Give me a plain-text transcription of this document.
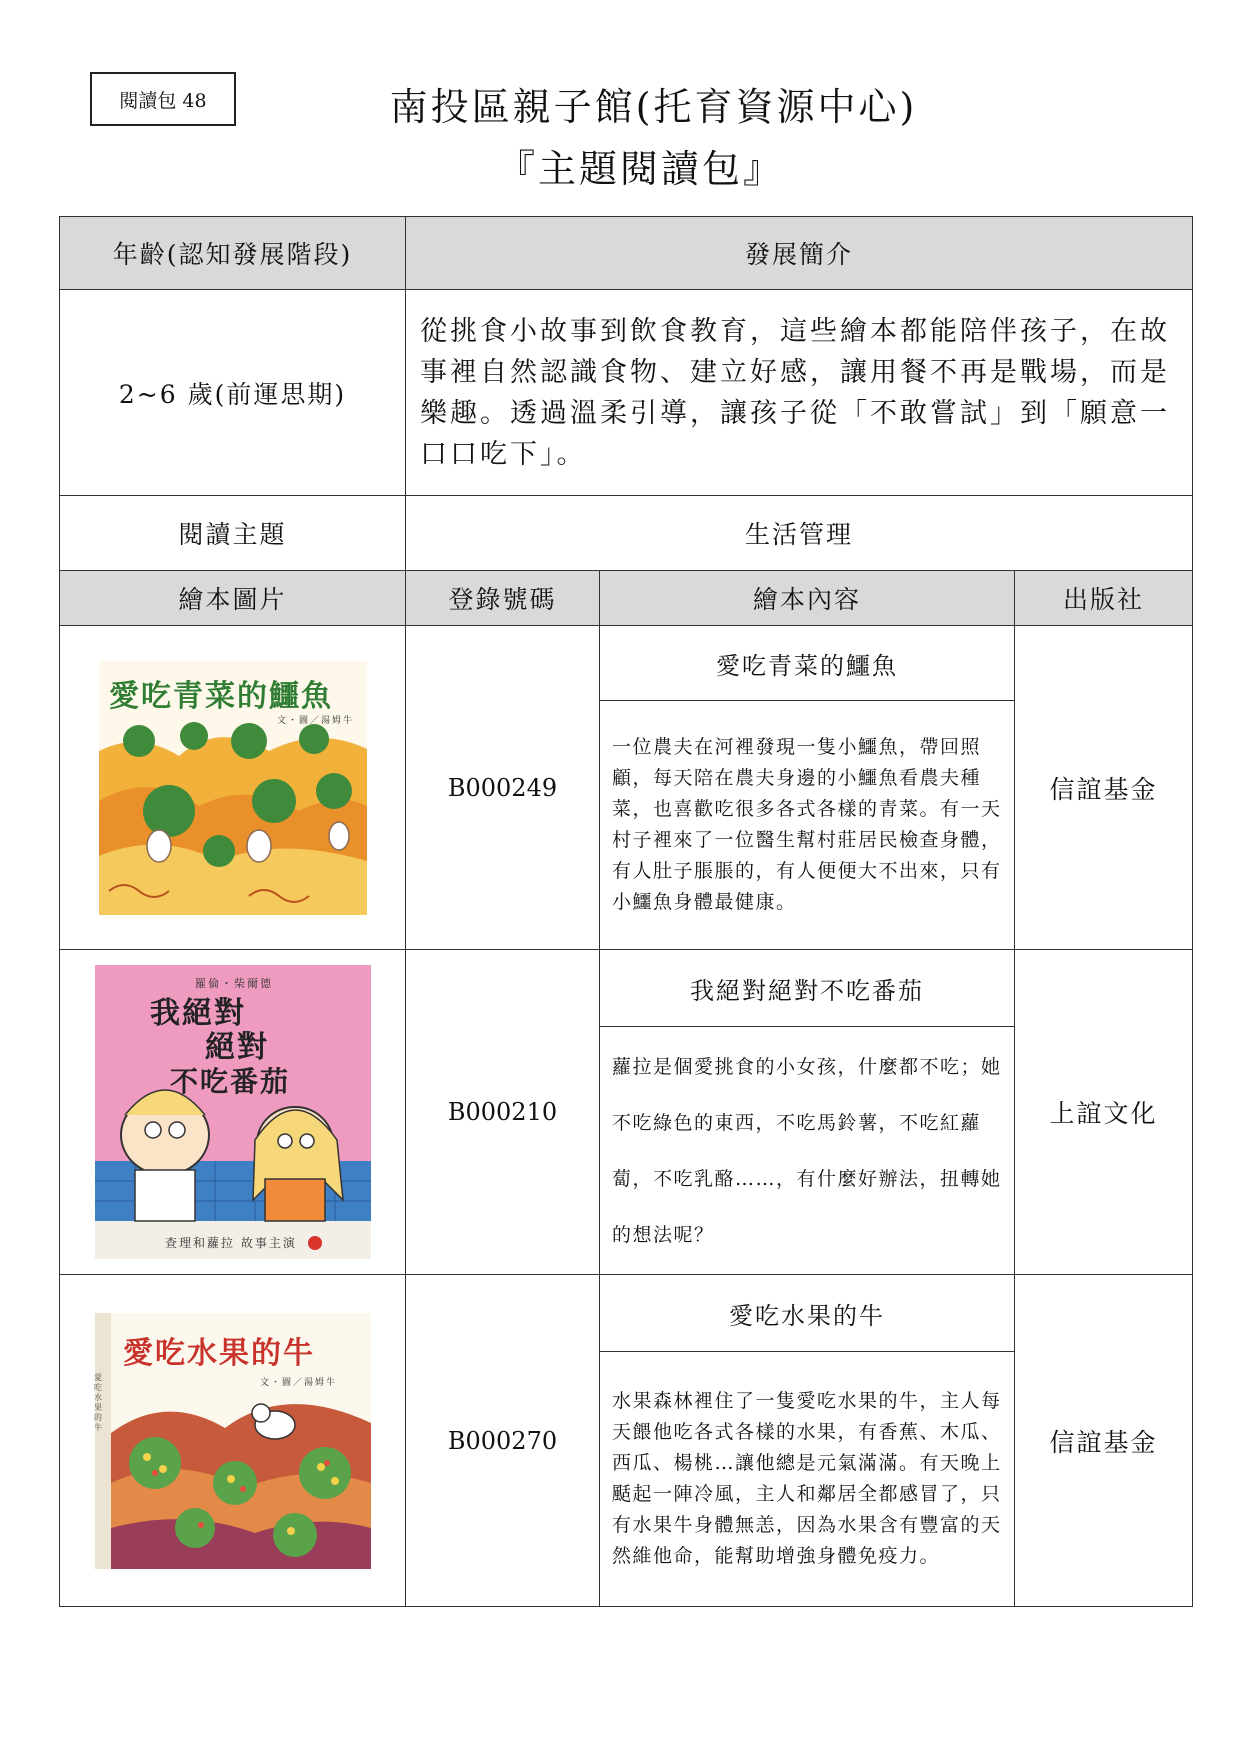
閱讀包 48	南投區親子館(托育資源中心)
『主題閱讀包』
年齡(認知發展階段)	發展簡介		
2~6 歲(前運思期)	從挑食小故事到飲食教育，這些繪本都能陪伴孩子，在故事裡自然認識食物、建立好感，讓用餐不再是戰場，而是樂趣。透過溫柔引導，讓孩子從「不敢嘗試」到「願意一口口吃下」。		
閱讀主題	生活管理		
繪本圖片	登錄號碼	繪本內容	出版社

愛吃青菜的鱷魚
文・圖／湯姆牛	B000249	愛吃青菜的鱷魚	信誼基金
		一位農夫在河裡發現一隻小鱷魚，帶回照顧，每天陪在農夫身邊的小鱷魚看農夫種菜，也喜歡吃很多各式各樣的青菜。有一天村子裡來了一位醫生幫村莊居民檢查身體，有人肚子脹脹的，有人便便大不出來，只有小鱷魚身體最健康。	

羅倫・柴爾德
我絕對
絕對
不吃番茄
查理和蘿拉 故事主演	B000210	我絕對絕對不吃番茄	上誼文化
		蘿拉是個愛挑食的小女孩，什麼都不吃；她不吃綠色的東西，不吃馬鈴薯，不吃紅蘿蔔，不吃乳酪……，有什麼好辦法，扭轉她的想法呢？	

愛吃水果的牛
文・圖／湯姆牛
愛吃水果的牛	B000270	愛吃水果的牛	信誼基金
		水果森林裡住了一隻愛吃水果的牛，主人每天餵他吃各式各樣的水果，有香蕉、木瓜、西瓜、楊桃…讓他總是元氣滿滿。有天晚上颳起一陣冷風，主人和鄰居全都感冒了，只有水果牛身體無恙，因為水果含有豐富的天然維他命，能幫助增強身體免疫力。	
